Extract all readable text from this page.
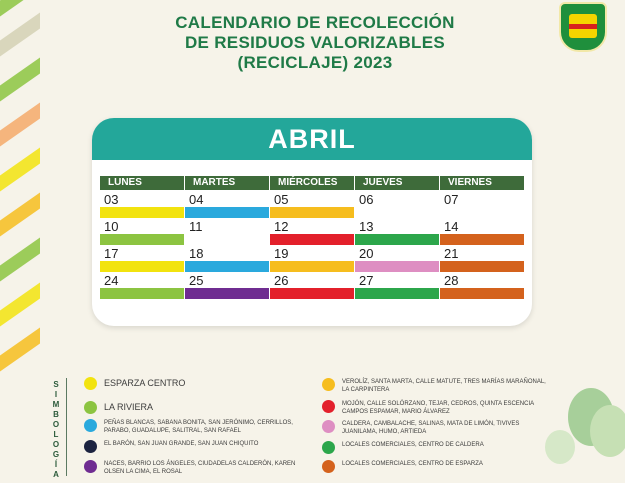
CALENDARIO DE RECOLECCIÓN
DE RESIDUOS VALORIZABLES
(RECICLAJE) 2023
ABRIL
LUNES	MARTES	MIÉRCOLES	JUEVES	VIERNES
03	04	05	06	07
10	11	12	13	14
17	18	19	20	21
24	25	26	27	28
S
I
M
B
O
L
O
G
Í
A
ESPARZA CENTRO
LA RIVIERA
PEÑAS BLANCAS, SABANA BONITA, SAN JERÓNIMO, CERRILLOS, PARABO, GUADALUPE, SALITRAL, SAN RAFAEL
EL BARÓN, SAN JUAN GRANDE, SAN JUAN CHIQUITO
NACES, BARRIO LOS ÁNGELES, CIUDADELAS CALDERÓN, KAREN OLSEN LA CIMA, EL ROSAL
VEROLÍZ, SANTA MARTA, CALLE MATUTE, TRES MARÍAS MARAÑONAL, LA CARPINTERA
MOJÓN, CALLE SOLÓRZANO, TEJAR, CEDROS, QUINTA ESCENCIA CAMPOS ESPAMAR, MARIO ÁLVAREZ
CALDERA, CAMBALACHE, SALINAS, MATA DE LIMÓN, TIVIVES JUANILAMA, HUMO, ARTIEDA
LOCALES COMERCIALES, CENTRO DE CALDERA
LOCALES COMERCIALES, CENTRO DE ESPARZA
